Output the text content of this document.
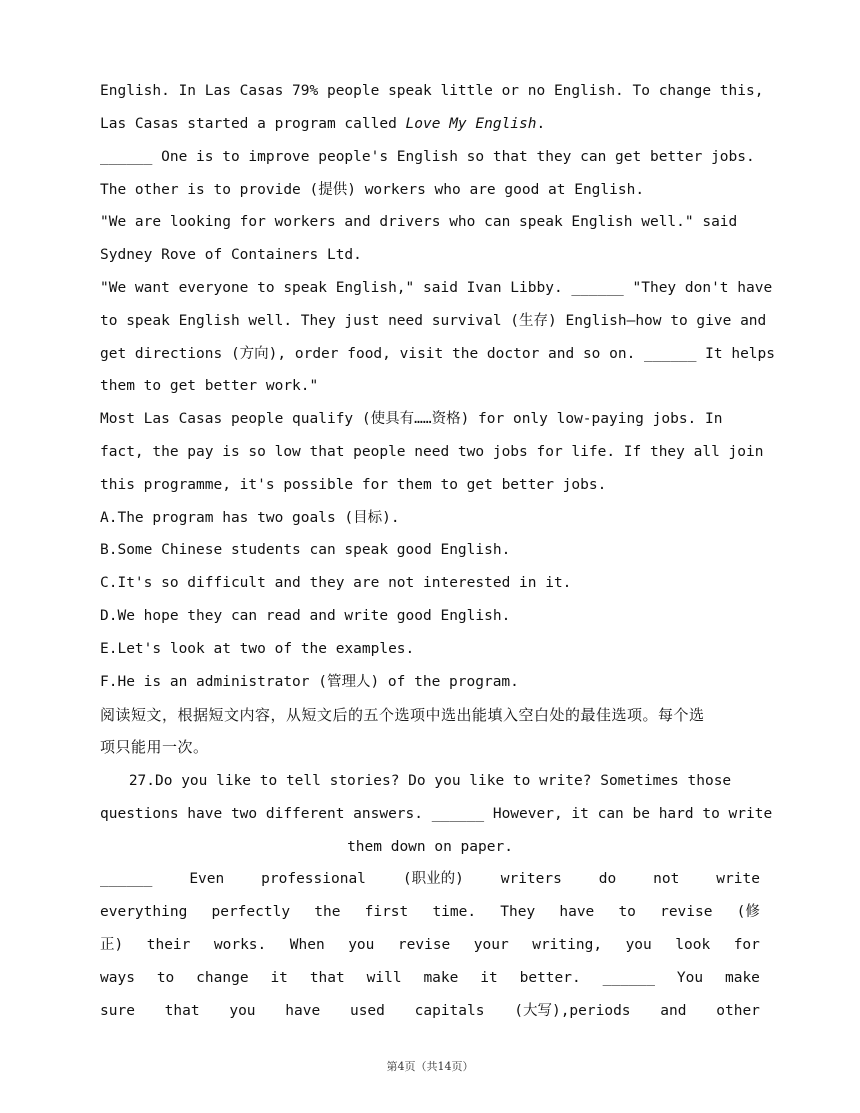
English. In Las Casas 79% people speak little or no English. To change this,
Las Casas started a program called Love My English.
______ One is to improve people's English so that they can get better jobs.
The other is to provide (提供) workers who are good at English.
"We are looking for workers and drivers who can speak English well." said
Sydney Rove of Containers Ltd.
"We want everyone to speak English," said Ivan Libby. ______ "They don't have
to speak English well. They just need survival (生存) English—how to give and
get directions (方向), order food, visit the doctor and so on. ______ It helps
them to get better work."
Most Las Casas people qualify (使具有……资格) for only low-paying jobs. In
fact, the pay is so low that people need two jobs for life. If they all join
this programme, it's possible for them to get better jobs.
A.The program has two goals (目标).
B.Some Chinese students can speak good English.
C.It's so difficult and they are not interested in it.
D.We hope they can read and write good English.
E.Let's look at two of the examples.
F.He is an administrator (管理人) of the program.
阅读短文，根据短文内容，从短文后的五个选项中选出能填入空白处的最佳选项。每个选
项只能用一次。
27.Do you like to tell stories? Do you like to write? Sometimes those
questions have two different answers. ______ However, it can be hard to write
them down on paper.
______	Even	professional	(职业的)	writers	do	not	write
everything perfectly the first time. They have to revise (修
正) their works. When you revise your writing, you look for
ways to change it that will make it better. ______ You make
sure that you have used capitals (大写),periods and other
第4页（共14页）
